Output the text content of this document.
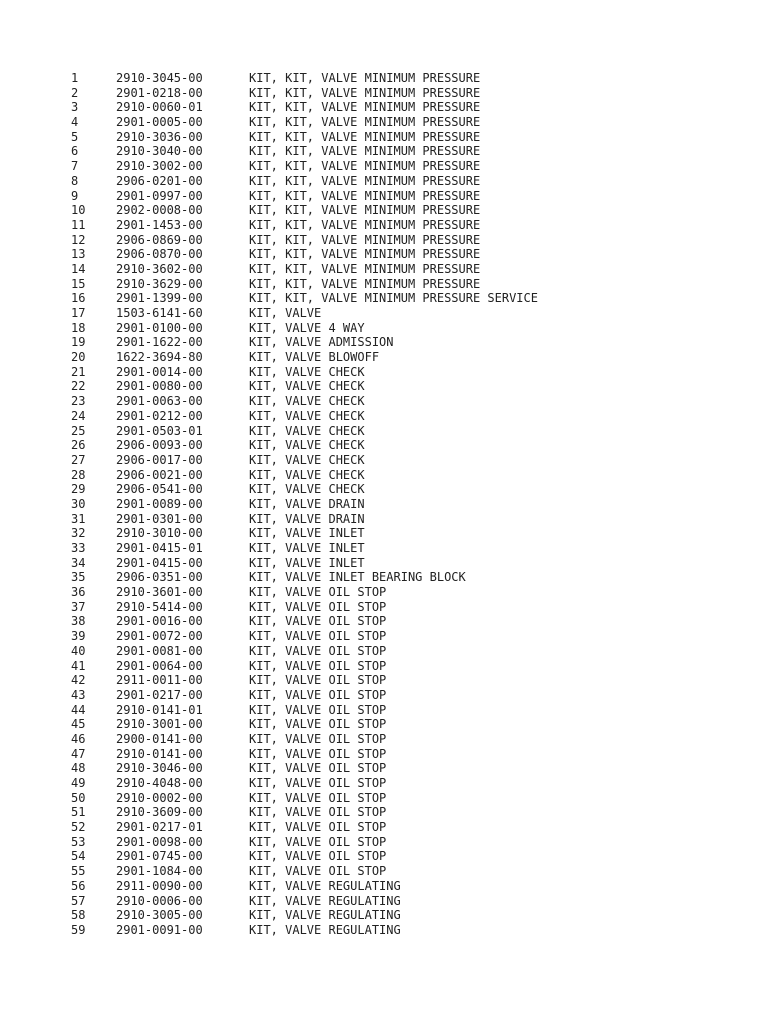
1	2910-3045-00	KIT, KIT, VALVE MINIMUM PRESSURE
2	2901-0218-00	KIT, KIT, VALVE MINIMUM PRESSURE
3	2910-0060-01	KIT, KIT, VALVE MINIMUM PRESSURE
4	2901-0005-00	KIT, KIT, VALVE MINIMUM PRESSURE
5	2910-3036-00	KIT, KIT, VALVE MINIMUM PRESSURE
6	2910-3040-00	KIT, KIT, VALVE MINIMUM PRESSURE
7	2910-3002-00	KIT, KIT, VALVE MINIMUM PRESSURE
8	2906-0201-00	KIT, KIT, VALVE MINIMUM PRESSURE
9	2901-0997-00	KIT, KIT, VALVE MINIMUM PRESSURE
10	2902-0008-00	KIT, KIT, VALVE MINIMUM PRESSURE
11	2901-1453-00	KIT, KIT, VALVE MINIMUM PRESSURE
12	2906-0869-00	KIT, KIT, VALVE MINIMUM PRESSURE
13	2906-0870-00	KIT, KIT, VALVE MINIMUM PRESSURE
14	2910-3602-00	KIT, KIT, VALVE MINIMUM PRESSURE
15	2910-3629-00	KIT, KIT, VALVE MINIMUM PRESSURE
16	2901-1399-00	KIT, KIT, VALVE MINIMUM PRESSURE SERVICE
17	1503-6141-60	KIT, VALVE
18	2901-0100-00	KIT, VALVE 4 WAY
19	2901-1622-00	KIT, VALVE ADMISSION
20	1622-3694-80	KIT, VALVE BLOWOFF
21	2901-0014-00	KIT, VALVE CHECK
22	2901-0080-00	KIT, VALVE CHECK
23	2901-0063-00	KIT, VALVE CHECK
24	2901-0212-00	KIT, VALVE CHECK
25	2901-0503-01	KIT, VALVE CHECK
26	2906-0093-00	KIT, VALVE CHECK
27	2906-0017-00	KIT, VALVE CHECK
28	2906-0021-00	KIT, VALVE CHECK
29	2906-0541-00	KIT, VALVE CHECK
30	2901-0089-00	KIT, VALVE DRAIN
31	2901-0301-00	KIT, VALVE DRAIN
32	2910-3010-00	KIT, VALVE INLET
33	2901-0415-01	KIT, VALVE INLET
34	2901-0415-00	KIT, VALVE INLET
35	2906-0351-00	KIT, VALVE INLET BEARING BLOCK
36	2910-3601-00	KIT, VALVE OIL STOP
37	2910-5414-00	KIT, VALVE OIL STOP
38	2901-0016-00	KIT, VALVE OIL STOP
39	2901-0072-00	KIT, VALVE OIL STOP
40	2901-0081-00	KIT, VALVE OIL STOP
41	2901-0064-00	KIT, VALVE OIL STOP
42	2911-0011-00	KIT, VALVE OIL STOP
43	2901-0217-00	KIT, VALVE OIL STOP
44	2910-0141-01	KIT, VALVE OIL STOP
45	2910-3001-00	KIT, VALVE OIL STOP
46	2900-0141-00	KIT, VALVE OIL STOP
47	2910-0141-00	KIT, VALVE OIL STOP
48	2910-3046-00	KIT, VALVE OIL STOP
49	2910-4048-00	KIT, VALVE OIL STOP
50	2910-0002-00	KIT, VALVE OIL STOP
51	2910-3609-00	KIT, VALVE OIL STOP
52	2901-0217-01	KIT, VALVE OIL STOP
53	2901-0098-00	KIT, VALVE OIL STOP
54	2901-0745-00	KIT, VALVE OIL STOP
55	2901-1084-00	KIT, VALVE OIL STOP
56	2911-0090-00	KIT, VALVE REGULATING
57	2910-0006-00	KIT, VALVE REGULATING
58	2910-3005-00	KIT, VALVE REGULATING
59	2901-0091-00	KIT, VALVE REGULATING
